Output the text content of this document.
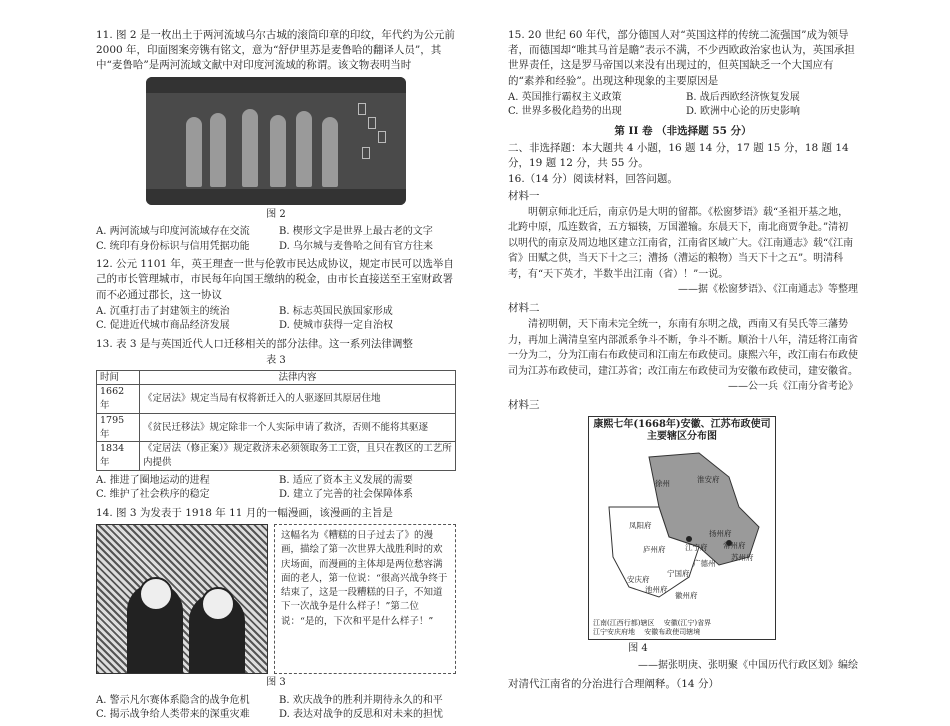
11. 图 2 是一枚出土于两河流域乌尔古城的滚筒印章的印纹，年代约为公元前 2000 年，印面图案旁镌有铭文，意为“舒伊里苏是麦鲁哈的翻译人员”，其中“麦鲁哈”是两河流域文献中对印度河流域的称谓。该文物表明当时

图 2
A. 两河流域与印度河流域存在交流	B. 楔形文字是世界上最古老的文字
C. 统印有身份标识与信用凭据功能	D. 乌尔城与麦鲁哈之间有官方往来

12. 公元 1101 年，英王理查一世与伦敦市民达成协议，规定市民可以选举自己的市长管理城市，市民每年向国王缴纳的税金，由市长直接送至王室财政署而不必通过郡长，这一协议

A. 沉重打击了封建领主的统治	B. 标志英国民族国家形成
C. 促进近代城市商品经济发展	D. 使城市获得一定自治权

13. 表 3 是与英国近代人口迁移相关的部分法律。这一系列法律调整

表 3
时间	法律内容
1662 年	《定居法》规定当局有权将新迁入的人驱逐回其原居住地
1795 年	《贫民迁移法》规定除非一个人实际申请了救济，否则不能将其驱逐
1834 年	《定居法（修正案）》规定救济未必须领取务工工资，且只在教区的工艺所内提供
A. 推进了圈地运动的进程	B. 适应了资本主义发展的需要
C. 维护了社会秩序的稳定	D. 建立了完善的社会保障体系

14. 图 3 为发表于 1918 年 11 月的一幅漫画，该漫画的主旨是

这幅名为《糟糕的日子过去了》的漫画，描绘了第一次世界大战胜利时的欢庆场面，而漫画的主体却是两位愁容满面的老人，第一位说：“很高兴战争终于结束了，这是一段糟糕的日子，不知道下一次战争是什么样子！”第二位说：“是的，下次和平是什么样子！”
图 3
A. 警示凡尔赛体系隐含的战争危机	B. 欢庆战争的胜利并期待永久的和平
C. 揭示战争给人类带来的深重灾难	D. 表达对战争的反思和对未来的担忧

15. 20 世纪 60 年代，部分德国人对“英国这样的传统二流强国”成为领导者，而德国却“唯其马首是瞻”表示不满，不少西欧政治家也认为，英国承担世界责任，这是罗马帝国以来没有出现过的，但英国缺乏一个大国应有的“素养和经验”。出现这种现象的主要原因是

A. 英国推行霸权主义政策	B. 战后西欧经济恢复发展
C. 世界多极化趋势的出现	D. 欧洲中心论的历史影响
第 II 卷 （非选择题 55 分）

二、非选择题：本大题共 4 小题，16 题 14 分，17 题 15 分，18 题 14 分，19 题 12 分，共 55 分。

16.（14 分）阅读材料，回答问题。

材料一

明朝京师北迁后，南京仍是大明的留都。《松窗梦语》载“圣祖开基之地，北跨中原，瓜连数省，五方辐辏，万国灌输。东晨天下，南北商贾争赴。”清初以明代的南京及周边地区建立江南省，江南省区域广大。《江南通志》载“《江南省》田赋之供，当天下十之三；漕扬（漕运的粮物）当天下十之五”。明清科考，有“天下英才，半数半出江南（省）！”一说。

——据《松窗梦语》、《江南通志》等整理

材料二

清初明朝，天下南未完全统一，东南有东明之战，西南又有吴氏等三藩势力，再加上满清皇室内部派系争斗不断，争斗不断。顺治十八年，清廷将江南省一分为二，分为江南右布政使司和江南左布政使司。康熙六年，改江南右布政使司为江苏布政使司，建江苏省；改江南左布政使司为安徽布政使司，建安徽省。

——公一兵《江南分省考论》

材料三

康熙七年(1668年)安徽、江苏布政使司主要辖区分布图
徐州	淮安府
凤阳府
扬州府
庐州府
安庆府
宁国府
池州府
徽州府
江宁府
苏州府
常州府
广德州
江南(江西行都)辖区　 安徽(江宁)省界
江宁安庆府地　 安徽布政使司辖境
图 4

——据张明庚、张明聚《中国历代行政区划》编绘

对清代江南省的分治进行合理阐释。（14 分）
